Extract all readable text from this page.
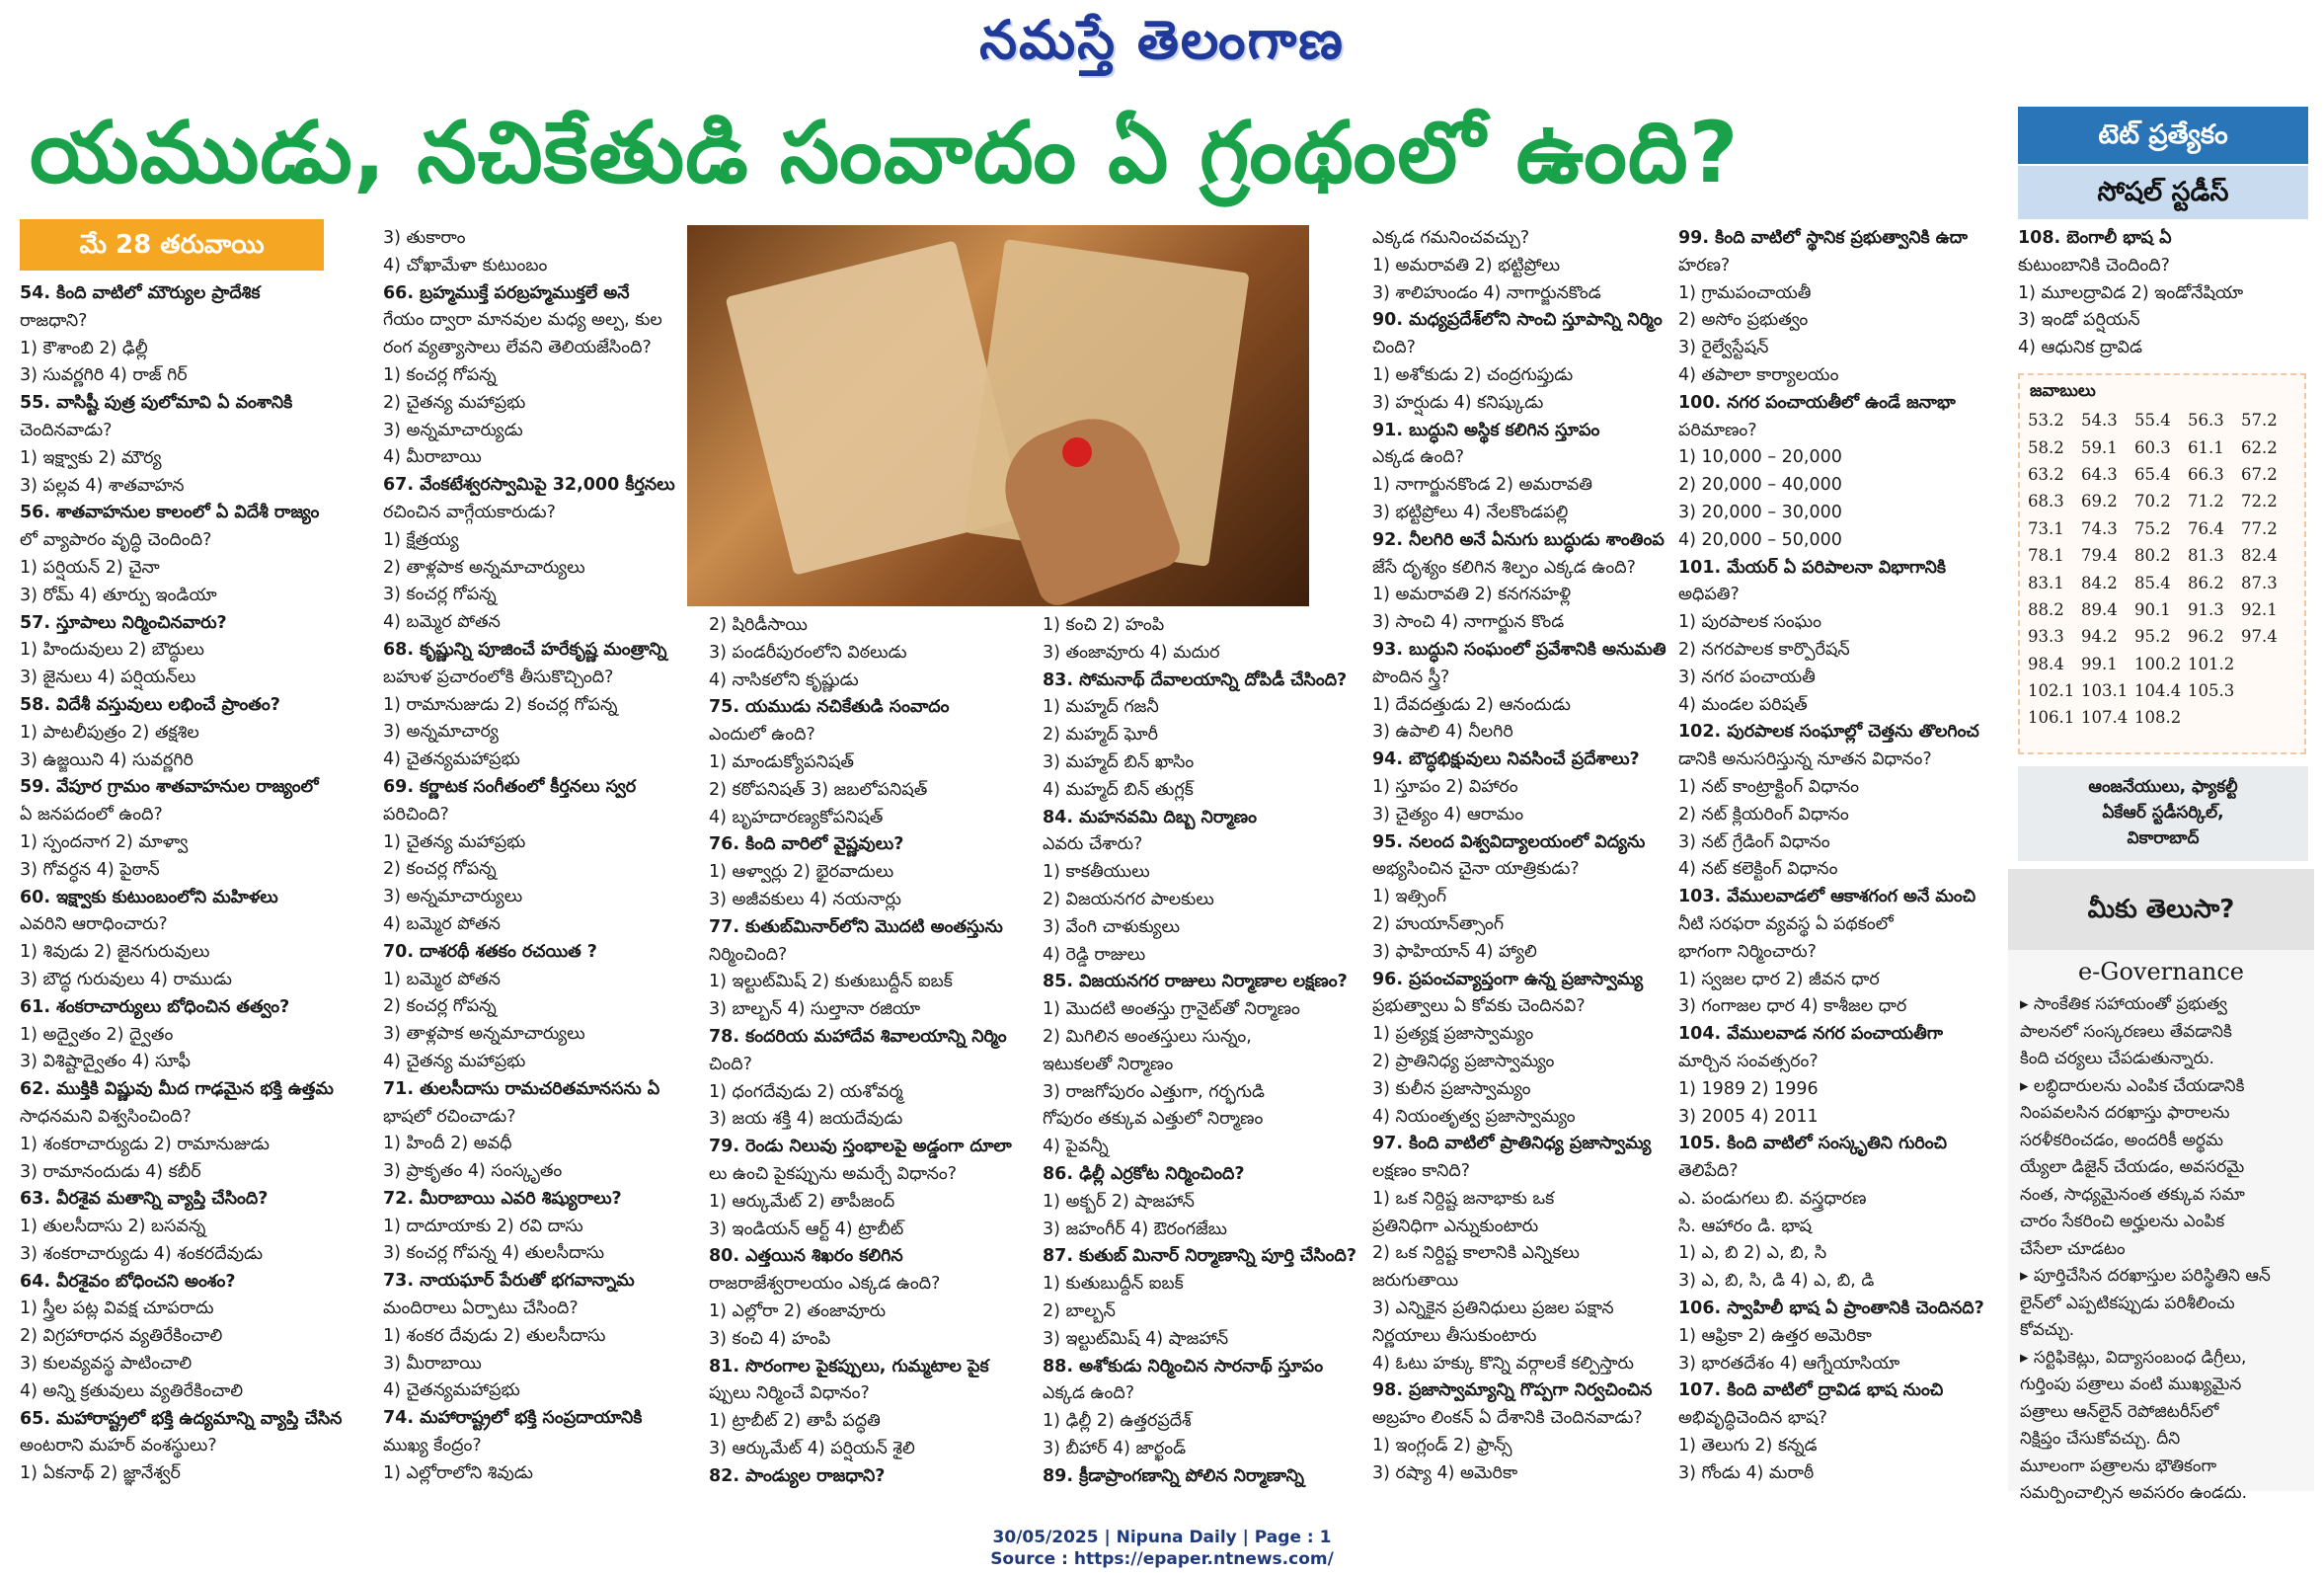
నమస్తే తెలంగాణ
యముడు, నచికేతుడి సంవాదం ఏ గ్రంథంలో ఉంది?	టెట్ ప్రత్యేకం
సోషల్ స్టడీస్
మే 28 తరువాయి
54. కింది వాటిలో మౌర్యుల ప్రాదేశిక
రాజధాని?
1) కౌశాంబి 2) ఢిల్లీ
3) సువర్ణగిరి 4) రాజ్ గిర్
55. వాసిష్టీ పుత్ర పులోమావి ఏ వంశానికి
చెందినవాడు?
1) ఇక్ష్వాకు 2) మౌర్య
3) పల్లవ 4) శాతవాహన
56. శాతవాహనుల కాలంలో ఏ విదేశీ రాజ్యం
లో వ్యాపారం వృద్ధి చెందింది?
1) పర్షియన్ 2) చైనా
3) రోమ్ 4) తూర్పు ఇండియా
57. స్తూపాలు నిర్మించినవారు?
1) హిందువులు 2) బౌద్ధులు
3) జైనులు 4) పర్షియన్‌లు
58. విదేశీ వస్తువులు లభించే ప్రాంతం?
1) పాటలీపుత్రం 2) తక్షశిల
3) ఉజ్జయిని 4) సువర్ణగిరి
59. వేపూర గ్రామం శాతవాహనుల రాజ్యంలో
ఏ జనపదంలో ఉంది?
1) స్పందనాగ 2) మాళ్వా
3) గోవర్ధన 4) పైఠాన్
60. ఇక్ష్వాకు కుటుంబంలోని మహిళలు
ఎవరిని ఆరాధించారు?
1) శివుడు 2) జైనగురువులు
3) బౌద్ధ గురువులు 4) రాముడు
61. శంకరాచార్యులు బోధించిన తత్వం?
1) అద్వైతం 2) ద్వైతం
3) విశిష్టాద్వైతం 4) సూఫీ
62. ముక్తికి విష్ణువు మీద గాఢమైన భక్తి ఉత్తమ
సాధనమని విశ్వసించింది?
1) శంకరాచార్యుడు 2) రామానుజుడు
3) రామానందుడు 4) కబీర్
63. వీరశైవ మతాన్ని వ్యాప్తి చేసింది?
1) తులసీదాసు 2) బసవన్న
3) శంకరాచార్యుడు 4) శంకరదేవుడు
64. వీరశైవం బోధించని అంశం?
1) స్త్రీల పట్ల వివక్ష చూపరాదు
2) విగ్రహారాధన వ్యతిరేకించాలి
3) కులవ్యవస్థ పాటించాలి
4) అన్ని క్రతువులు వ్యతిరేకించాలి
65. మహారాష్ట్రలో భక్తి ఉద్యమాన్ని వ్యాప్తి చేసిన
అంటరాని మహర్ వంశస్థులు?
1) ఏకనాథ్ 2) జ్ఞానేశ్వర్
3) తుకారాం
4) చోఖామేళా కుటుంబం
66. బ్రహ్మముక్తే పరబ్రహ్మముక్తలే అనే
గేయం ద్వారా మానవుల మధ్య అల్ప, కుల
రంగ వ్యత్యాసాలు లేవని తెలియజేసింది?
1) కంచర్ల గోపన్న
2) చైతన్య మహాప్రభు
3) అన్నమాచార్యుడు
4) మీరాబాయి
67. వేంకటేశ్వరస్వామిపై 32,000 కీర్తనలు
రచించిన వాగ్గేయకారుడు?
1) క్షేత్రయ్య
2) తాళ్లపాక అన్నమాచార్యులు
3) కంచర్ల గోపన్న
4) బమ్మెర పోతన
68. కృష్ణున్ని పూజించే హరేకృష్ణ మంత్రాన్ని
బహుళ ప్రచారంలోకి తీసుకొచ్చింది?
1) రామానుజుడు 2) కంచర్ల గోపన్న
3) అన్నమాచార్య
4) చైతన్యమహాప్రభు
69. కర్ణాటక సంగీతంలో కీర్తనలు స్వర
పరిచింది?
1) చైతన్య మహాప్రభు
2) కంచర్ల గోపన్న
3) అన్నమాచార్యులు
4) బమ్మెర పోతన
70. దాశరథీ శతకం రచయిత ?
1) బమ్మెర పోతన
2) కంచర్ల గోపన్న
3) తాళ్లపాక అన్నమాచార్యులు
4) చైతన్య మహాప్రభు
71. తులసీదాసు రామచరితమానసను ఏ
భాషలో రచించాడు?
1) హిందీ 2) అవధీ
3) ప్రాకృతం 4) సంస్కృతం
72. మీరాబాయి ఎవరి శిష్యురాలు?
1) దాదూయాకు 2) రవి దాసు
3) కంచర్ల గోపన్న 4) తులసీదాసు
73. నాయఘార్ పేరుతో భగవాన్నామ
మందిరాలు ఏర్పాటు చేసింది?
1) శంకర దేవుడు 2) తులసీదాసు
3) మీరాబాయి
4) చైతన్యమహాప్రభు
74. మహారాష్ట్రలో భక్తి సంప్రదాయానికి
ముఖ్య కేంద్రం?
1) ఎల్లోరాలోని శివుడు
2) షిరిడీసాయి
3) పండరీపురంలోని విఠలుడు
4) నాసికలోని కృష్ణుడు
75. యముడు నచికేతుడి సంవాదం
ఎందులో ఉంది?
1) మాండుక్యోపనిషత్
2) కఠోపనిషత్ 3) జబలోపనిషత్
4) బృహదారణ్యకోపనిషత్
76. కింది వారిలో వైష్ణవులు?
1) ఆళ్వార్లు 2) భైరవాదులు
3) అజీవకులు 4) నయనార్లు
77. కుతుబ్‌మినార్‌లోని మొదటి అంతస్తును
నిర్మించింది?
1) ఇల్టుట్‌మిష్ 2) కుతుబుద్దీన్ ఐబక్
3) బాల్బన్ 4) సుల్తానా రజియా
78. కందరియ మహాదేవ శివాలయాన్ని నిర్మిం
చింది?
1) ధంగదేవుడు 2) యశోవర్మ
3) జయ శక్తి 4) జయదేవుడు
79. రెండు నిలువు స్తంభాలపై అడ్డంగా దూలా
లు ఉంచి పైకప్పును అమర్చే విధానం?
1) ఆర్కుమేట్ 2) తాపీజంద్
3) ఇండియన్ ఆర్ట్ 4) ట్రాబీట్
80. ఎత్తయిన శిఖరం కలిగిన
రాజరాజేశ్వరాలయం ఎక్కడ ఉంది?
1) ఎల్లోరా 2) తంజావూరు
3) కంచి 4) హంపి
81. సొరంగాల పైకప్పులు, గుమ్మటాల పైక
ప్పులు నిర్మించే విధానం?
1) ట్రాబీట్ 2) తాపీ పద్ధతి
3) ఆర్కుమేట్ 4) పర్షియన్ శైలి
82. పాండ్యుల రాజధాని?
1) కంచి 2) హంపి
3) తంజావూరు 4) మదుర
83. సోమనాథ్ దేవాలయాన్ని దోపిడీ చేసింది?
1) మహ్మద్ గజనీ
2) మహ్మద్ ఘోరీ
3) మహ్మద్ బిన్ ఖాసిం
4) మహ్మద్ బిన్ తుగ్లక్
84. మహనవమి దిబ్బ నిర్మాణం
ఎవరు చేశారు?
1) కాకతీయులు
2) విజయనగర పాలకులు
3) వేంగి చాళుక్యులు
4) రెడ్డి రాజులు
85. విజయనగర రాజులు నిర్మాణాల లక్షణం?
1) మొదటి అంతస్తు గ్రానైట్‌తో నిర్మాణం
2) మిగిలిన అంతస్తులు సున్నం,
ఇటుకలతో నిర్మాణం
3) రాజగోపురం ఎత్తుగా, గర్భగుడి
గోపురం తక్కువ ఎత్తులో నిర్మాణం
4) పైవన్నీ
86. ఢిల్లీ ఎర్రకోట నిర్మించింది?
1) అక్బర్ 2) షాజహాన్
3) జహంగీర్ 4) ఔరంగజేబు
87. కుతుబ్ మినార్ నిర్మాణాన్ని పూర్తి చేసింది?
1) కుతుబుద్దీన్ ఐబక్
2) బాల్బన్
3) ఇల్టుట్‌మిష్ 4) షాజహాన్
88. అశోకుడు నిర్మించిన సారనాథ్ స్తూపం
ఎక్కడ ఉంది?
1) ఢిల్లీ 2) ఉత్తరప్రదేశ్
3) బీహార్ 4) జార్ఖండ్
89. క్రీడాప్రాంగణాన్ని పోలిన నిర్మాణాన్ని
ఎక్కడ గమనించవచ్చు?
1) అమరావతి 2) భట్టిప్రోలు
3) శాలిహుండం 4) నాగార్జునకొండ
90. మధ్యప్రదేశ్‌లోని సాంచి స్తూపాన్ని నిర్మిం
చింది?
1) అశోకుడు 2) చంద్రగుప్తుడు
3) హర్షుడు 4) కనిష్కుడు
91. బుద్ధుని అస్థిక కలిగిన స్తూపం
ఎక్కడ ఉంది?
1) నాగార్జునకొండ 2) అమరావతి
3) భట్టిప్రోలు 4) నేలకొండపల్లి
92. నీలగిరి అనే ఏనుగు బుద్ధుడు శాంతింప
జేసే దృశ్యం కలిగిన శిల్పం ఎక్కడ ఉంది?
1) అమరావతి 2) కనగనహళ్లి
3) సాంచి 4) నాగార్జున కొండ
93. బుద్ధుని సంఘంలో ప్రవేశానికి అనుమతి
పొందిన స్త్రీ?
1) దేవదత్తుడు 2) ఆనందుడు
3) ఉపాలి 4) నీలగిరి
94. బౌద్ధభిక్షువులు నివసించే ప్రదేశాలు?
1) స్తూపం 2) విహారం
3) చైత్యం 4) ఆరామం
95. నలంద విశ్వవిద్యాలయంలో విద్యను
అభ్యసించిన చైనా యాత్రికుడు?
1) ఇత్సింగ్
2) హుయాన్‌త్సాంగ్
3) ఫాహియాన్ 4) హ్యాలి
96. ప్రపంచవ్యాప్తంగా ఉన్న ప్రజాస్వామ్య
ప్రభుత్వాలు ఏ కోవకు చెందినవి?
1) ప్రత్యక్ష ప్రజాస్వామ్యం
2) ప్రాతినిధ్య ప్రజాస్వామ్యం
3) కులీన ప్రజాస్వామ్యం
4) నియంతృత్వ ప్రజాస్వామ్యం
97. కింది వాటిలో ప్రాతినిధ్య ప్రజాస్వామ్య
లక్షణం కానిది?
1) ఒక నిర్దిష్ట జనాభాకు ఒక
ప్రతినిధిగా ఎన్నుకుంటారు
2) ఒక నిర్దిష్ట కాలానికి ఎన్నికలు
జరుగుతాయి
3) ఎన్నికైన ప్రతినిధులు ప్రజల పక్షాన
నిర్ణయాలు తీసుకుంటారు
4) ఓటు హక్కు కొన్ని వర్గాలకే కల్పిస్తారు
98. ప్రజాస్వామ్యాన్ని గొప్పగా నిర్వచించిన
అబ్రహం లింకన్ ఏ దేశానికి చెందినవాడు?
1) ఇంగ్లండ్ 2) ఫ్రాన్స్
3) రష్యా 4) అమెరికా
99. కింది వాటిలో స్థానిక ప్రభుత్వానికి ఉదా
హరణ?
1) గ్రామపంచాయతీ
2) అసోం ప్రభుత్వం
3) రైల్వేస్టేషన్
4) తపాలా కార్యాలయం
100. నగర పంచాయతీలో ఉండే జనాభా
పరిమాణం?
1) 10,000 – 20,000
2) 20,000 – 40,000
3) 20,000 – 30,000
4) 20,000 – 50,000
101. మేయర్ ఏ పరిపాలనా విభాగానికి
అధిపతి?
1) పురపాలక సంఘం
2) నగరపాలక కార్పొరేషన్
3) నగర పంచాయతీ
4) మండల పరిషత్
102. పురపాలక సంఘాల్లో చెత్తను తొలగించ
డానికి అనుసరిస్తున్న నూతన విధానం?
1) నట్ కాంట్రాక్టింగ్ విధానం
2) నట్ క్లియరింగ్ విధానం
3) నట్ గ్రేడింగ్ విధానం
4) నట్ కలెక్టింగ్ విధానం
103. వేములవాడలో ఆకాశగంగ అనే మంచి
నీటి సరఫరా వ్యవస్థ ఏ పథకంలో
భాగంగా నిర్మించారు?
1) స్వజల ధార 2) జీవన ధార
3) గంగాజల ధార 4) కాశీజల ధార
104. వేములవాడ నగర పంచాయతీగా
మార్చిన సంవత్సరం?
1) 1989 2) 1996
3) 2005 4) 2011
105. కింది వాటిలో సంస్కృతిని గురించి
తెలిపేది?
ఎ. పండుగలు బి. వస్త్రధారణ
సి. ఆహారం డి. భాష
1) ఎ, బి 2) ఎ, బి, సి
3) ఎ, బి, సి, డి 4) ఎ, బి, డి
106. స్వాహిలీ భాష ఏ ప్రాంతానికి చెందినది?
1) ఆఫ్రికా 2) ఉత్తర అమెరికా
3) భారతదేశం 4) ఆగ్నేయాసియా
107. కింది వాటిలో ద్రావిడ భాష నుంచి
అభివృద్ధిచెందిన భాష?
1) తెలుగు 2) కన్నడ
3) గోండు 4) మరాఠీ
108. బెంగాలీ భాష ఏ
కుటుంబానికి చెందింది?
1) మూలద్రావిడ 2) ఇండోనేషియా
3) ఇండో పర్షియన్
4) ఆధునిక ద్రావిడ
జవాబులు
53.2	54.3	55.4	56.3	57.2
58.2	59.1	60.3	61.1	62.2
63.2	64.3	65.4	66.3	67.2
68.3	69.2	70.2	71.2	72.2
73.1	74.3	75.2	76.4	77.2
78.1	79.4	80.2	81.3	82.4
83.1	84.2	85.4	86.2	87.3
88.2	89.4	90.1	91.3	92.1
93.3	94.2	95.2	96.2	97.4
98.4	99.1	100.2	101.2	
102.1	103.1	104.4	105.3	
106.1	107.4	108.2		
ఆంజనేయులు, ఫ్యాకల్టీ
ఏకేఆర్ స్టడీసర్కిల్,
వికారాబాద్
మీకు తెలుసా?
e-Governance
▸ సాంకేతిక సహాయంతో ప్రభుత్వ
పాలనలో సంస్కరణలు తేవడానికి
కింది చర్యలు చేపడుతున్నారు.
▸ లబ్ధిదారులను ఎంపిక చేయడానికి
నింపవలసిన దరఖాస్తు ఫారాలను
సరళీకరించడం, అందరికీ అర్థమ
య్యేలా డిజైన్ చేయడం, అవసరమై
నంత, సాధ్యమైనంత తక్కువ సమా
చారం సేకరించి అర్హులను ఎంపిక
చేసేలా చూడటం
▸ పూర్తిచేసిన దరఖాస్తుల పరిస్థితిని ఆన్
లైన్‌లో ఎప్పటికప్పుడు పరిశీలించు
కోవచ్చు.
▸ సర్టిఫికెట్లు, విద్యాసంబంధ డిగ్రీలు,
గుర్తింపు పత్రాలు వంటి ముఖ్యమైన
పత్రాలు ఆన్‌లైన్ రెపోజిటరీస్‌లో
నిక్షిప్తం చేసుకోవచ్చు. దీని
మూలంగా పత్రాలను భౌతికంగా
సమర్పించాల్సిన అవసరం ఉండదు.
30/05/2025 | Nipuna Daily | Page : 1
Source : https://epaper.ntnews.com/
